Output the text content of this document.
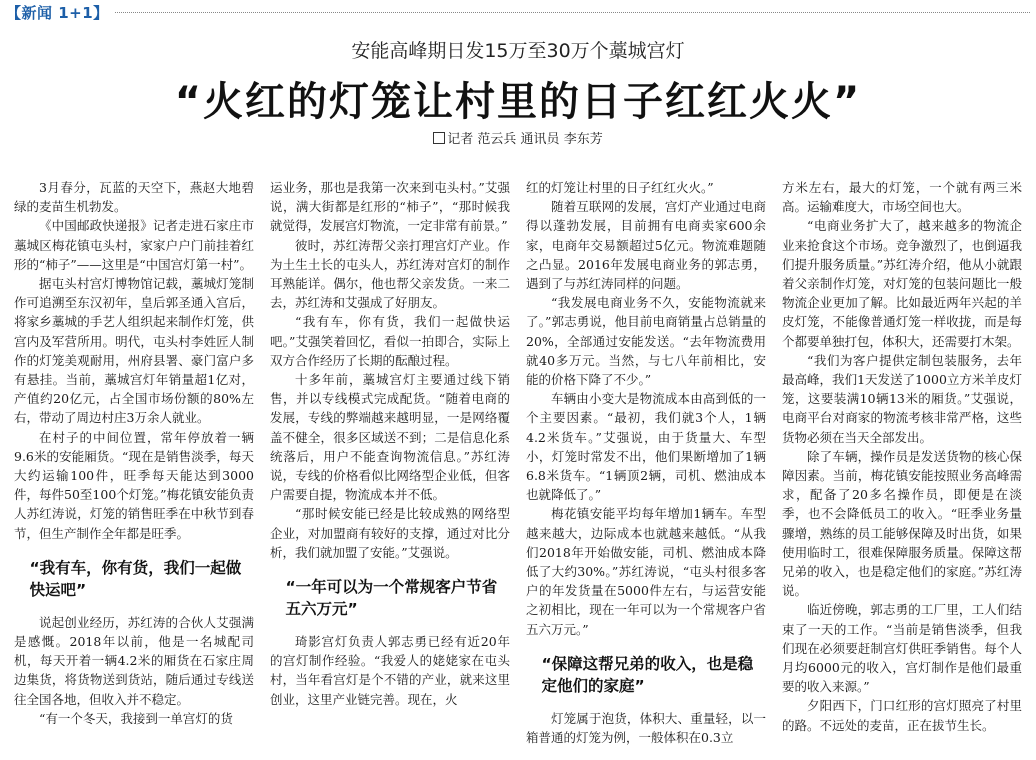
【新闻 1+1】
安能高峰期日发15万至30万个藁城宫灯
“火红的灯笼让村里的日子红红火火”
记者 范云兵 通讯员 李东芳

3月春分，瓦蓝的天空下，燕赵大地碧绿的麦苗生机勃发。

《中国邮政快递报》记者走进石家庄市藁城区梅花镇屯头村，家家户户门前挂着红形的“柿子”——这里是“中国宫灯第一村”。

据屯头村宫灯博物馆记载，藁城灯笼制作可追溯至东汉初年，皇后郭圣通入宫后，将家乡藁城的手艺人组织起来制作灯笼，供宫内及军营所用。明代，屯头村李姓匠人制作的灯笼美观耐用，州府县署、豪门富户多有悬挂。当前，藁城宫灯年销量超1亿对，产值约20亿元，占全国市场份额的80%左右，带动了周边村庄3万余人就业。

在村子的中间位置，常年停放着一辆9.6米的安能厢货。“现在是销售淡季，每天大约运输100件，旺季每天能达到3000件，每件50至100个灯笼。”梅花镇安能负责人苏红涛说，灯笼的销售旺季在中秋节到春节，但生产制作全年都是旺季。

“我有车，你有货，我们一起做快运吧”

说起创业经历，苏红涛的合伙人艾强满是感慨。2018年以前，他是一名城配司机，每天开着一辆4.2米的厢货在石家庄周边集货，将货物送到货站，随后通过专线送往全国各地，但收入并不稳定。

“有一个冬天，我接到一单宫灯的货

运业务，那也是我第一次来到屯头村。”艾强说，满大街都是红形的“柿子”，“那时候我就觉得，发展宫灯物流，一定非常有前景。”

彼时，苏红涛帮父亲打理宫灯产业。作为土生土长的屯头人，苏红涛对宫灯的制作耳熟能详。偶尔，他也帮父亲发货。一来二去，苏红涛和艾强成了好朋友。

“我有车，你有货，我们一起做快运吧。”艾强笑着回忆，看似一拍即合，实际上双方合作经历了长期的酝酿过程。

十多年前，藁城宫灯主要通过线下销售，并以专线模式完成配货。“随着电商的发展，专线的弊端越来越明显，一是网络覆盖不健全，很多区域送不到；二是信息化系统落后，用户不能查询物流信息。”苏红涛说，专线的价格看似比网络型企业低，但客户需要自提，物流成本并不低。

“那时候安能已经是比较成熟的网络型企业，对加盟商有较好的支撑，通过对比分析，我们就加盟了安能。”艾强说。

“一年可以为一个常规客户节省五六万元”

琦影宫灯负责人郭志勇已经有近20年的宫灯制作经验。“我爱人的姥姥家在屯头村，当年看宫灯是个不错的产业，就来这里创业，这里产业链完善。现在，火

红的灯笼让村里的日子红红火火。”

随着互联网的发展，宫灯产业通过电商得以蓬勃发展，目前拥有电商卖家600余家，电商年交易额超过5亿元。物流难题随之凸显。2016年发展电商业务的郭志勇，遇到了与苏红涛同样的问题。

“我发展电商业务不久，安能物流就来了。”郭志勇说，他目前电商销量占总销量的20%，全部通过安能发送。“去年物流费用就40多万元。当然，与七八年前相比，安能的价格下降了不少。”

车辆由小变大是物流成本由高到低的一个主要因素。“最初，我们就3个人，1辆4.2米货车。”艾强说，由于货量大、车型小，灯笼时常发不出，他们果断增加了1辆6.8米货车。“1辆顶2辆，司机、燃油成本也就降低了。”

梅花镇安能平均每年增加1辆车。车型越来越大，边际成本也就越来越低。“从我们2018年开始做安能，司机、燃油成本降低了大约30%。”苏红涛说，“屯头村很多客户的年发货量在5000件左右，与运营安能之初相比，现在一年可以为一个常规客户省五六万元。”

“保障这帮兄弟的收入，也是稳定他们的家庭”

灯笼属于泡货，体积大、重量轻，以一箱普通的灯笼为例，一般体积在0.3立

方米左右，最大的灯笼，一个就有两三米高。运输难度大，市场空间也大。

“电商业务扩大了，越来越多的物流企业来抢食这个市场。竞争激烈了，也倒逼我们提升服务质量。”苏红涛介绍，他从小就跟着父亲制作灯笼，对灯笼的包装问题比一般物流企业更加了解。比如最近两年兴起的羊皮灯笼，不能像普通灯笼一样收拢，而是每个都要单独打包，体积大，还需要打木架。

“我们为客户提供定制包装服务，去年最高峰，我们1天发送了1000立方米羊皮灯笼，这要装满10辆13米的厢货。”艾强说，电商平台对商家的物流考核非常严格，这些货物必须在当天全部发出。

除了车辆，操作员是发送货物的核心保障因素。当前，梅花镇安能按照业务高峰需求，配备了20多名操作员，即便是在淡季，也不会降低员工的收入。“旺季业务量骤增，熟练的员工能够保障及时出货，如果使用临时工，很难保障服务质量。保障这帮兄弟的收入，也是稳定他们的家庭。”苏红涛说。

临近傍晚，郭志勇的工厂里，工人们结束了一天的工作。“当前是销售淡季，但我们现在必须要赶制宫灯供旺季销售。每个人月均6000元的收入，宫灯制作是他们最重要的收入来源。”

夕阳西下，门口红形的宫灯照亮了村里的路。不远处的麦苗，正在拔节生长。
